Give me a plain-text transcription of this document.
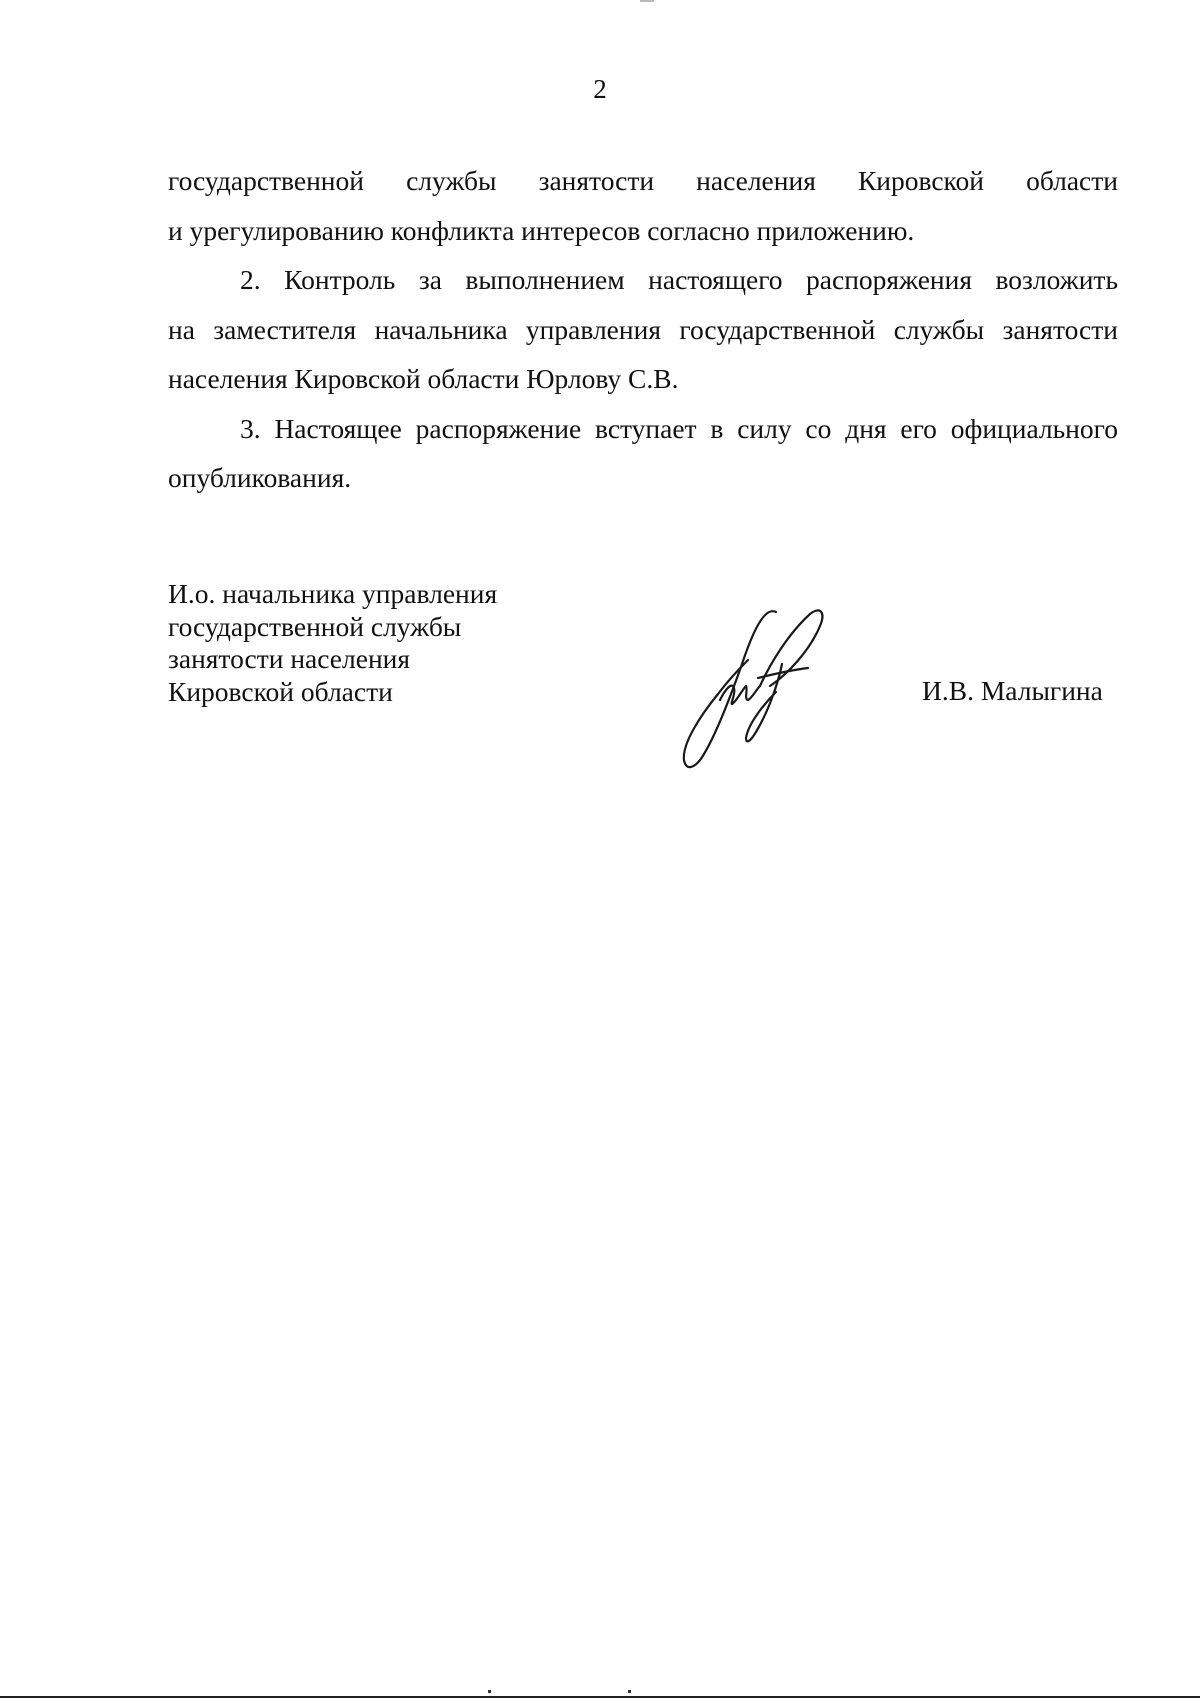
2

государственной службы занятости населения Кировской области
и урегулированию конфликта интересов согласно приложению.

2. Контроль за выполнением настоящего распоряжения возложить
на заместителя начальника управления государственной службы занятости
населения Кировской области Юрлову С.В.

3. Настоящее распоряжение вступает в силу со дня его официального
опубликования.

И.о. начальника управления
государственной службы
занятости населения
Кировской области	И.В. Малыгина
